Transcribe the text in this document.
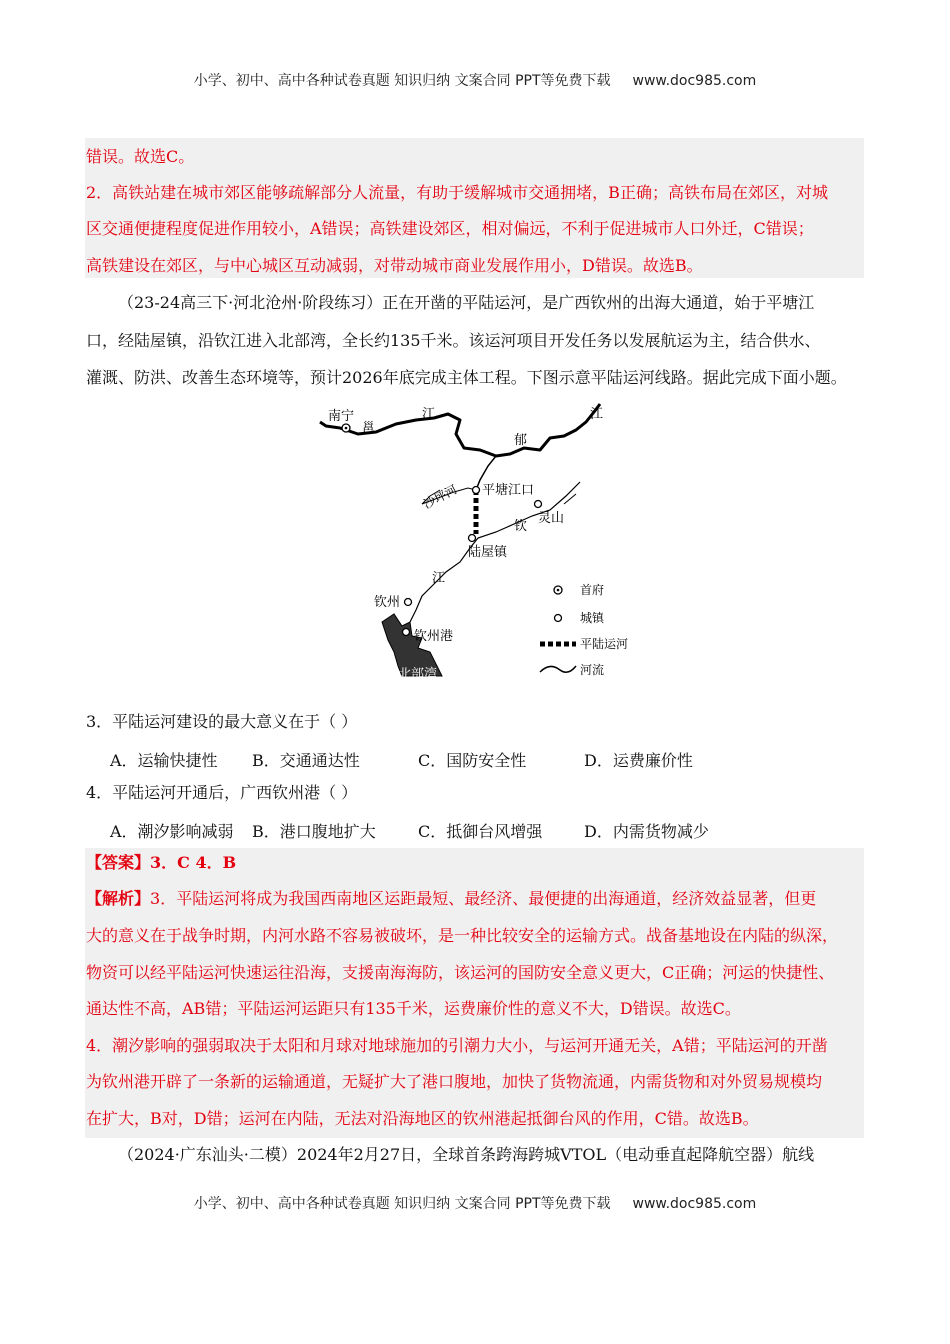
小学、初中、高中各种试卷真题 知识归纳 文案合同 PPT等免费下载 www.doc985.com
错误。故选C。
2．高铁站建在城市郊区能够疏解部分人流量，有助于缓解城市交通拥堵，B正确；高铁布局在郊区，对城
区交通便捷程度促进作用较小，A错误；高铁建设郊区，相对偏远，不利于促进城市人口外迁，C错误；
高铁建设在郊区，与中心城区互动减弱，对带动城市商业发展作用小，D错误。故选B。
（23-24高三下·河北沧州·阶段练习）正在开凿的平陆运河，是广西钦州的出海大通道，始于平塘江
口，经陆屋镇，沿钦江进入北部湾，全长约135千米。该运河项目开发任务以发展航运为主，结合供水、
灌溉、防洪、改善生态环境等，预计2026年底完成主体工程。下图示意平陆运河线路。据此完成下面小题。
南宁
邕
江
郁
江
沙坪河 平塘江口
灵山
钦
陆屋镇
江
钦州
钦州港
北部湾
首府
城镇
平陆运河
河流
3．平陆运河建设的最大意义在于（ ）
A．运输快捷性 B．交通通达性	C．国防安全性	D．运费廉价性
4．平陆运河开通后，广西钦州港（ ）
A．潮汐影响减弱 B．港口腹地扩大	C．抵御台风增强	D．内需货物减少
【答案】3．C 4．B
【解析】3．平陆运河将成为我国西南地区运距最短、最经济、最便捷的出海通道，经济效益显著，但更
大的意义在于战争时期，内河水路不容易被破坏，是一种比较安全的运输方式。战备基地设在内陆的纵深，
物资可以经平陆运河快速运往沿海，支援南海海防，该运河的国防安全意义更大，C正确；河运的快捷性、
通达性不高，AB错；平陆运河运距只有135千米，运费廉价性的意义不大，D错误。故选C。
4．潮汐影响的强弱取决于太阳和月球对地球施加的引潮力大小，与运河开通无关，A错；平陆运河的开凿
为钦州港开辟了一条新的运输通道，无疑扩大了港口腹地，加快了货物流通，内需货物和对外贸易规模均
在扩大，B对，D错；运河在内陆，无法对沿海地区的钦州港起抵御台风的作用，C错。故选B。
（2024·广东汕头·二模）2024年2月27日，全球首条跨海跨城VTOL（电动垂直起降航空器）航线
小学、初中、高中各种试卷真题 知识归纳 文案合同 PPT等免费下载 www.doc985.com
